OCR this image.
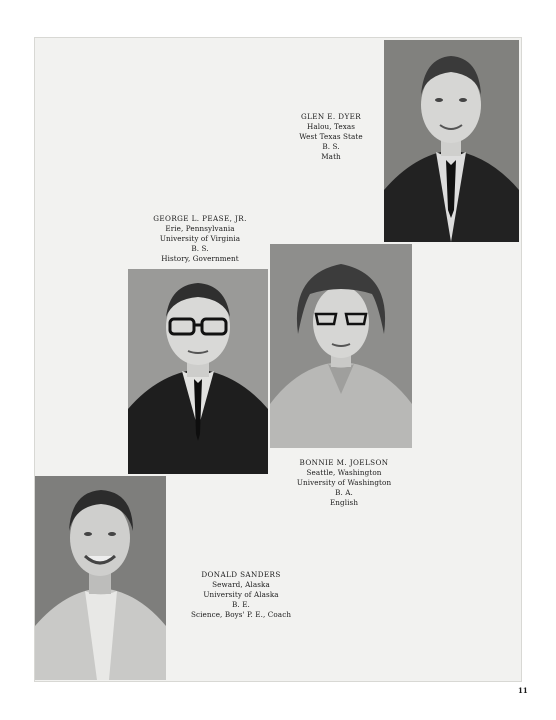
GLEN E. DYER
Halou, Texas
West Texas State
B. S.
Math
GEORGE L. PEASE, JR.
Erie, Pennsylvania
University of Virginia
B. S.
History, Government
BONNIE M. JOELSON
Seattle, Washington
University of Washington
B. A.
English
DONALD SANDERS
Seward, Alaska
University of Alaska
B. E.
Science, Boys' P. E., Coach
11
